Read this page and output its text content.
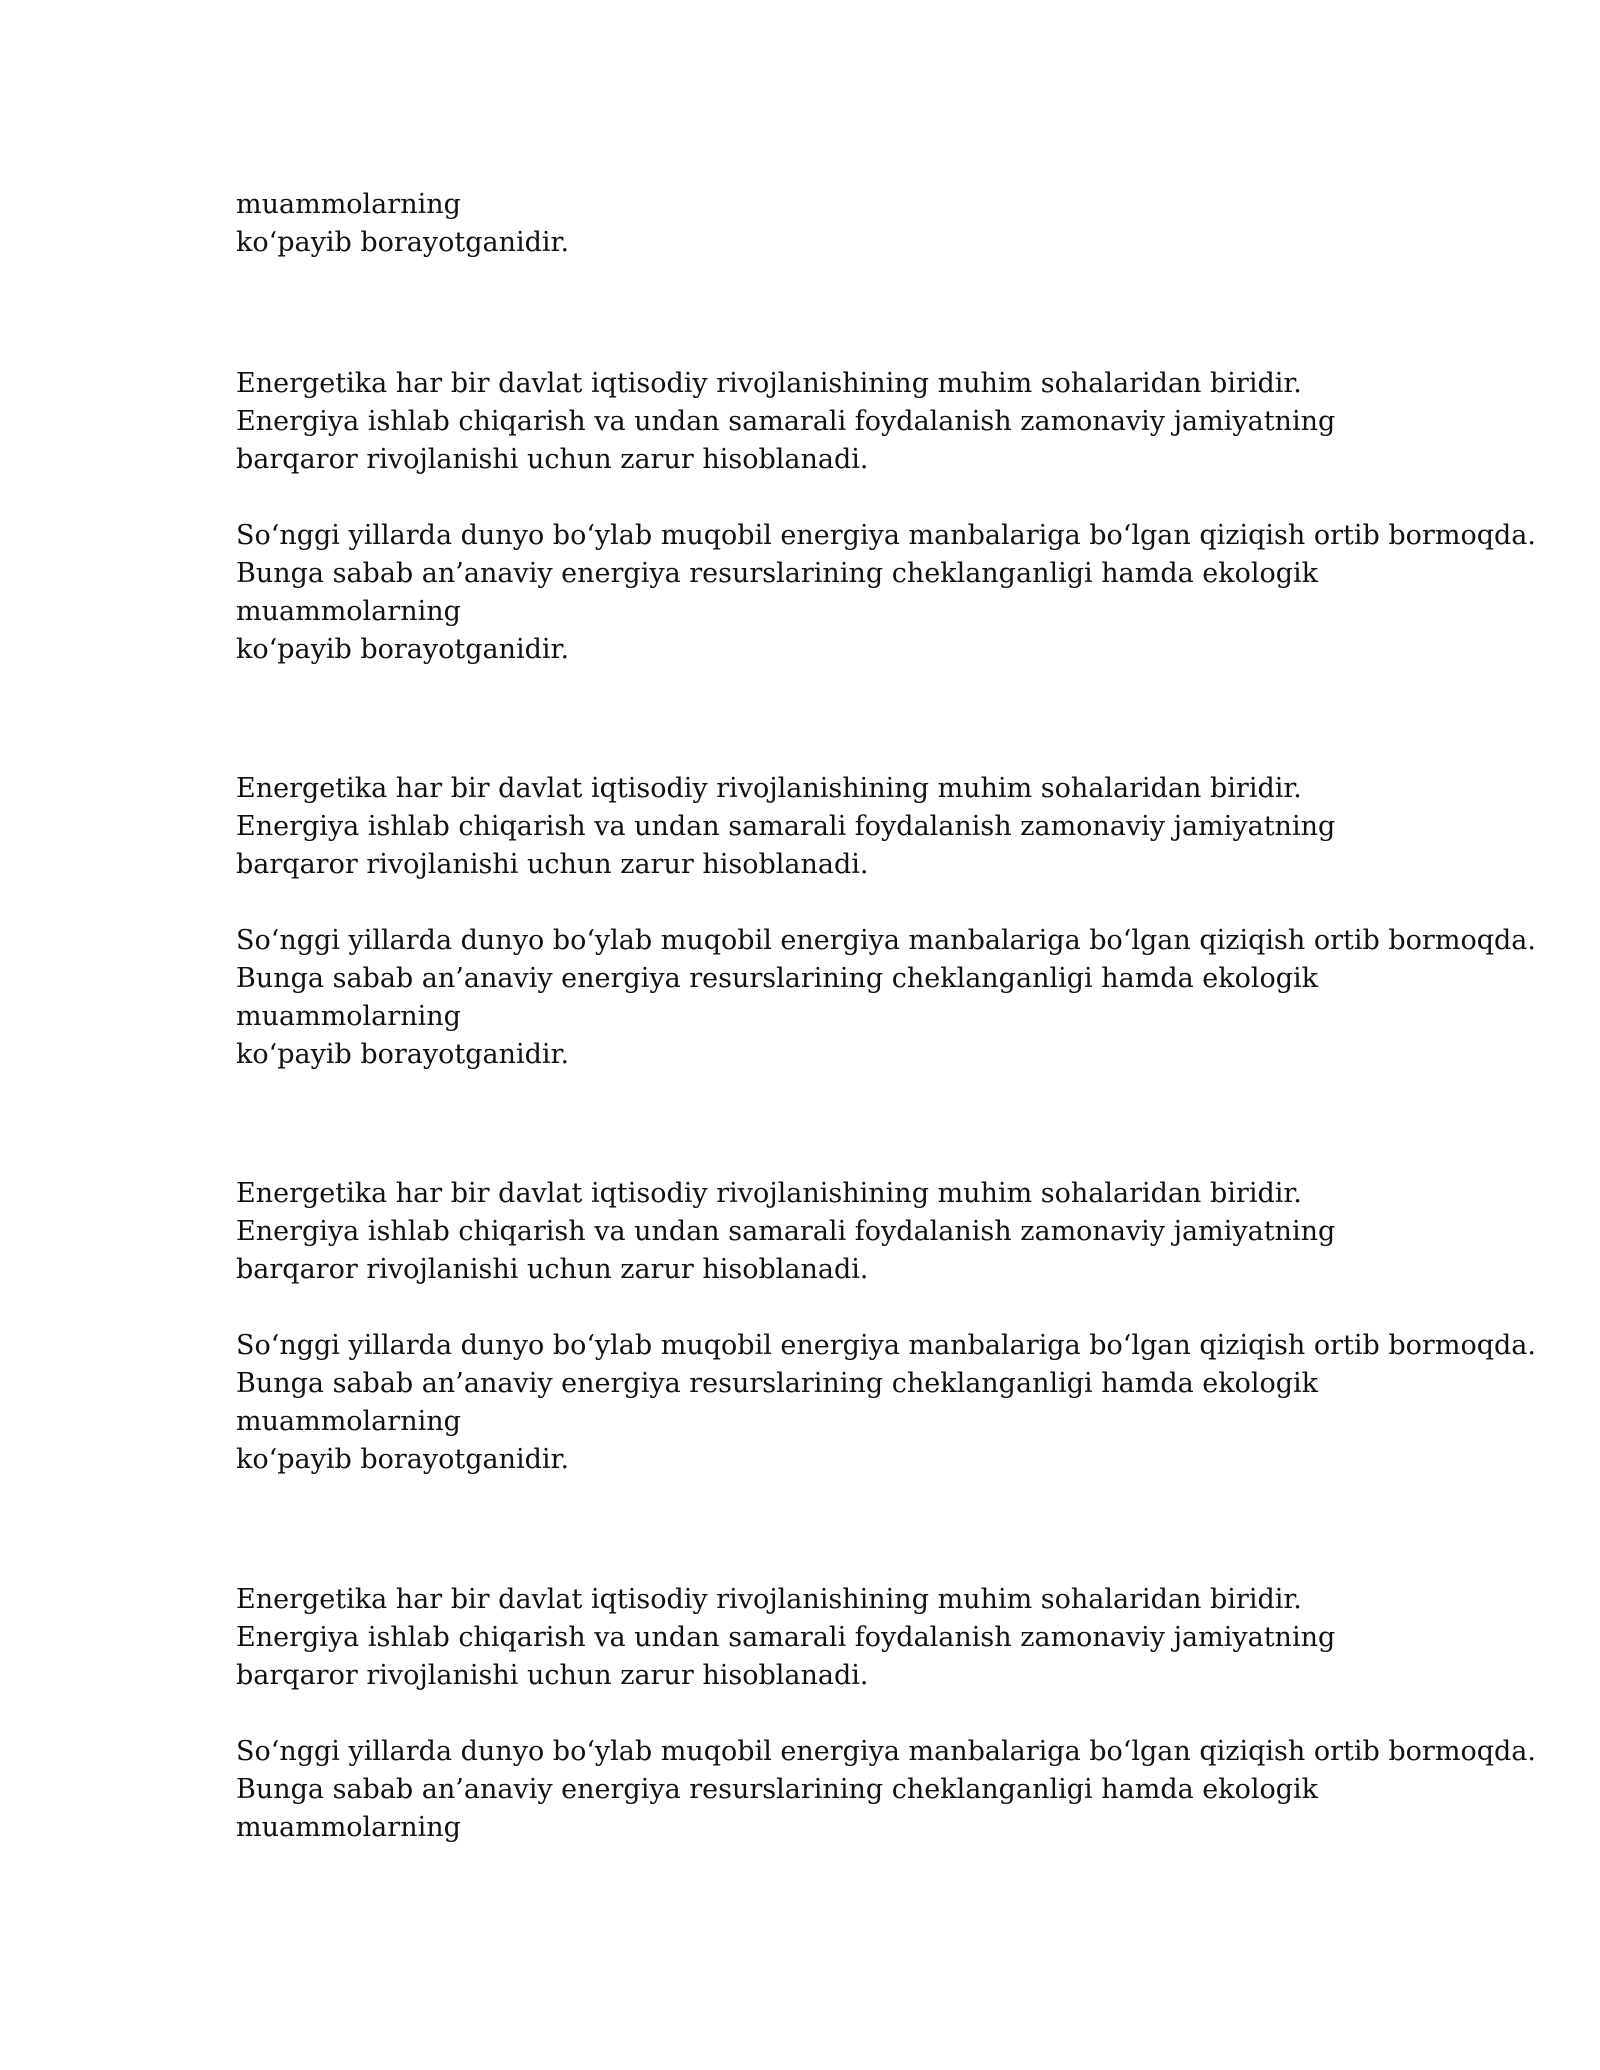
muammolarning
ko‘payib borayotganidir.

Energetika har bir davlat iqtisodiy rivojlanishining muhim sohalaridan biridir.
Energiya ishlab chiqarish va undan samarali foydalanish zamonaviy jamiyatning
barqaror rivojlanishi uchun zarur hisoblanadi.

So‘nggi yillarda dunyo bo‘ylab muqobil energiya manbalariga bo‘lgan qiziqish ortib bormoqda.
Bunga sabab an’anaviy energiya resurslarining cheklanganligi hamda ekologik
muammolarning
ko‘payib borayotganidir.

Energetika har bir davlat iqtisodiy rivojlanishining muhim sohalaridan biridir.
Energiya ishlab chiqarish va undan samarali foydalanish zamonaviy jamiyatning
barqaror rivojlanishi uchun zarur hisoblanadi.

So‘nggi yillarda dunyo bo‘ylab muqobil energiya manbalariga bo‘lgan qiziqish ortib bormoqda.
Bunga sabab an’anaviy energiya resurslarining cheklanganligi hamda ekologik
muammolarning
ko‘payib borayotganidir.

Energetika har bir davlat iqtisodiy rivojlanishining muhim sohalaridan biridir.
Energiya ishlab chiqarish va undan samarali foydalanish zamonaviy jamiyatning
barqaror rivojlanishi uchun zarur hisoblanadi.

So‘nggi yillarda dunyo bo‘ylab muqobil energiya manbalariga bo‘lgan qiziqish ortib bormoqda.
Bunga sabab an’anaviy energiya resurslarining cheklanganligi hamda ekologik
muammolarning
ko‘payib borayotganidir.

Energetika har bir davlat iqtisodiy rivojlanishining muhim sohalaridan biridir.
Energiya ishlab chiqarish va undan samarali foydalanish zamonaviy jamiyatning
barqaror rivojlanishi uchun zarur hisoblanadi.

So‘nggi yillarda dunyo bo‘ylab muqobil energiya manbalariga bo‘lgan qiziqish ortib bormoqda.
Bunga sabab an’anaviy energiya resurslarining cheklanganligi hamda ekologik
muammolarning
